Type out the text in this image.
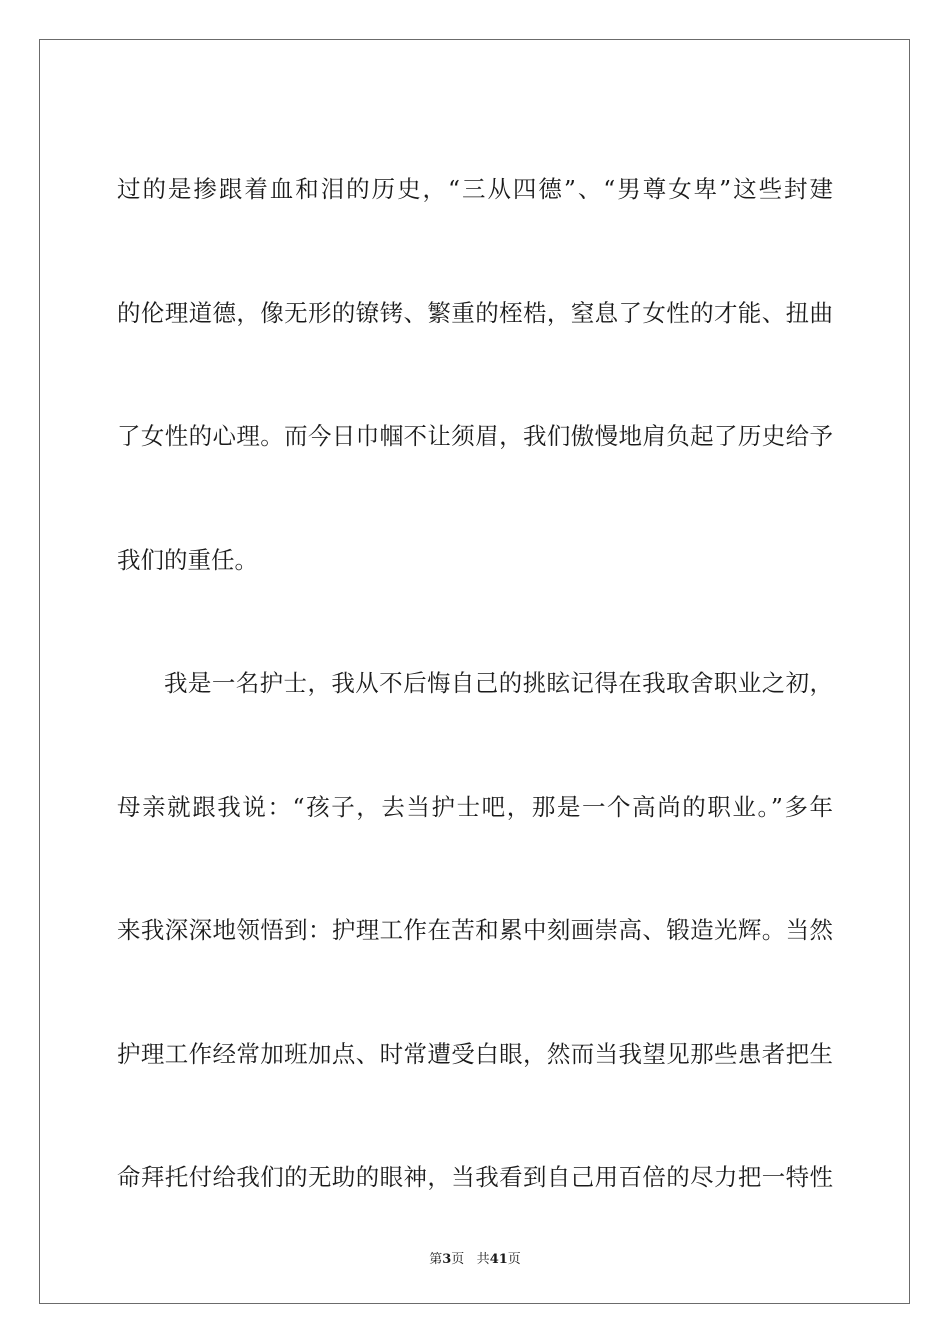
过的是掺跟着血和泪的历史，“三从四德”、“男尊女卑”这些封建
的伦理道德，像无形的镣铐、繁重的桎梏，窒息了女性的才能、扭曲
了女性的心理。而今日巾帼不让须眉，我们傲慢地肩负起了历史给予
我们的重任。
我是一名护士，我从不后悔自己的挑眩记得在我取舍职业之初，
母亲就跟我说：“孩子，去当护士吧，那是一个高尚的职业。”多年
来我深深地领悟到：护理工作在苦和累中刻画崇高、锻造光辉。当然
护理工作经常加班加点、时常遭受白眼，然而当我望见那些患者把生
命拜托付给我们的无助的眼神，当我看到自己用百倍的尽力把一特性
第3页 共41页
